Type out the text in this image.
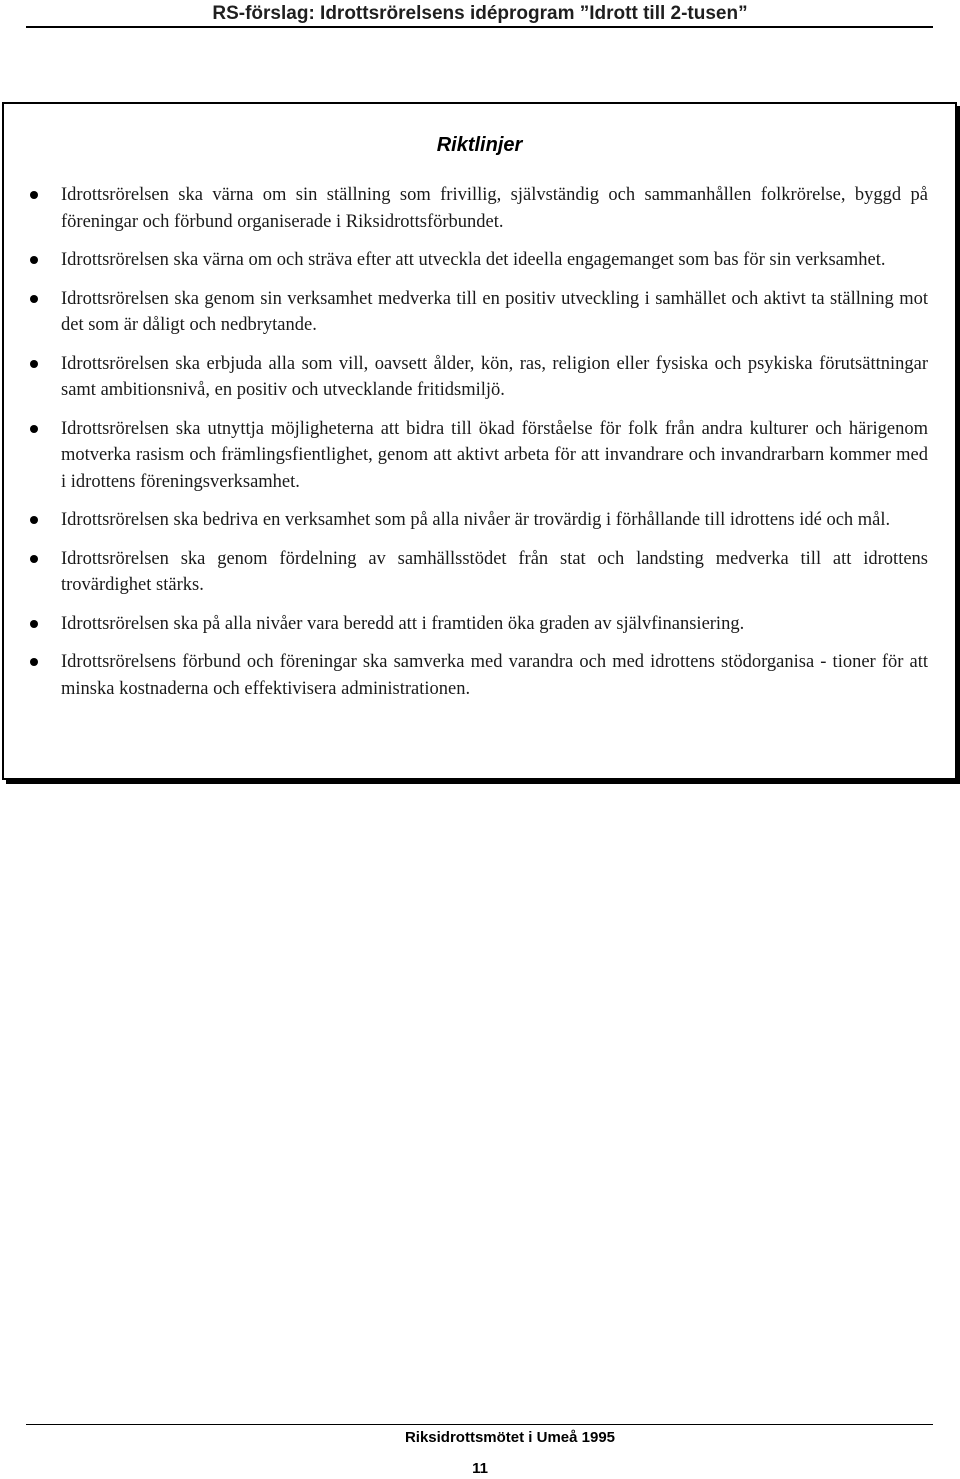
RS-förslag: Idrottsrörelsens idéprogram ”Idrott till 2-tusen”
Riktlinjer
Idrottsrörelsen ska värna om sin ställning som frivillig, självständig och sammanhållen folkrörelse, byggd på föreningar och förbund organiserade i Riksidrottsförbundet.
Idrottsrörelsen ska värna om och sträva efter att utveckla det ideella engagemanget som bas för sin verksamhet.
Idrottsrörelsen ska genom sin verksamhet medverka till en positiv utveckling i samhället och aktivt ta ställning mot det som är dåligt och nedbrytande.
Idrottsrörelsen ska erbjuda alla som vill, oavsett ålder, kön, ras, religion eller fysiska och psykiska förutsättningar samt ambitionsnivå, en positiv och utvecklande fritidsmiljö.
Idrottsrörelsen ska utnyttja möjligheterna att bidra till ökad förståelse för folk från andra kulturer och härigenom motverka rasism och främlingsfientlighet, genom att aktivt arbeta för att invandrare och invandrarbarn kommer med i idrottens föreningsverksamhet.
Idrottsrörelsen ska bedriva en verksamhet som på alla nivåer är trovärdig i förhållande till idrottens idé och mål.
Idrottsrörelsen ska genom fördelning av samhällsstödet från stat och landsting medverka till att idrottens trovärdighet stärks.
Idrottsrörelsen ska på alla nivåer vara beredd att i framtiden öka graden av självfinansiering.
Idrottsrörelsens förbund och föreningar ska samverka med varandra och med idrottens stödorganisa - tioner för att minska kostnaderna och effektivisera administrationen.
Riksidrottsmötet i Umeå 1995
11
